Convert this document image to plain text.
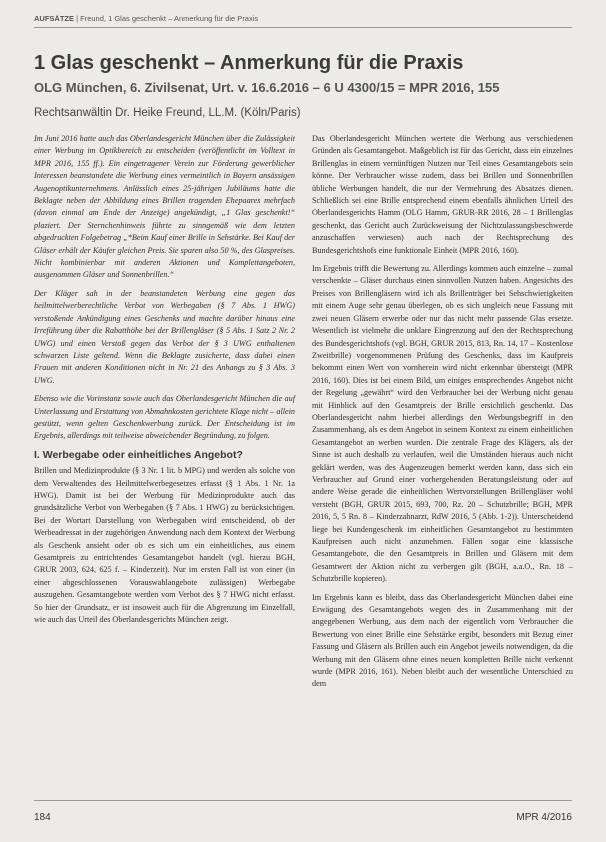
AUFSÄTZE | Freund, 1 Glas geschenkt – Anmerkung für die Praxis
1 Glas geschenkt – Anmerkung für die Praxis
OLG München, 6. Zivilsenat, Urt. v. 16.6.2016 – 6 U 4300/15 = MPR 2016, 155
Rechtsanwältin Dr. Heike Freund, LL.M. (Köln/Paris)

Im Juni 2016 hatte auch das Oberlandesgericht München über die Zulässigkeit einer Werbung im Optikbereich zu entscheiden (veröffentlicht im Volltext in MPR 2016, 155 ff.). Ein eingetragener Verein zur Förderung gewerblicher Interessen beanstandete die Werbung eines vermeintlich in Bayern ansässigen Augenoptikunternehmens. Anlässlich eines 25-jährigen Jubiläums hatte die Beklagte neben der Abbildung eines Brillen tragenden Ehepaares mehrfach (davon einmal am Ende der Anzeige) angekündigt, „1 Glas geschenkt!“ plaziert. Der Sternchenhinweis führte zu sinngemäß wie dem letzten abgedruckten Folgebetrag „*Beim Kauf einer Brille in Sehstärke. Bei Kauf der Gläser erhält der Käufer gleichen Preis. Sie sparen also 50 %, des Glaspreises. Nicht kombinierbar mit anderen Aktionen und Komplettangeboten, ausgenommen Gläser und Sonnenbrillen.“

Der Kläger sah in der beanstandeten Werbung eine gegen das heilmittelwerberechtliche Verbot von Werbegaben (§ 7 Abs. 1 HWG) verstoßende Ankündigung eines Geschenks und machte darüber hinaus eine Irreführung über die Rabatthöhe bei der Brillengläser (§ 5 Abs. 1 Satz 2 Nr. 2 UWG) und einen Verstoß gegen das Verbot der § 3 UWG enthaltenen schwarzen Liste geltend. Wenn die Beklagte zusicherte, dass dabei einen Frauen mit anderen Konditionen nicht in Nr. 21 des Anhangs zu § 3 Abs. 3 UWG.

Ebenso wie die Vorinstanz sowie auch das Oberlandesgericht München die auf Unterlassung und Erstattung von Abmahnkosten gerichtete Klage nicht – allein gestützt, wenn gelten Geschenkwerbung zurück. Der Entscheidung ist im Ergebnis, allerdings mit teilweise abweichender Begründung, zu folgen.

I. Werbegabe oder einheitliches Angebot?

Brillen und Medizinprodukte (§ 3 Nr. 1 lit. b MPG) und werden als solche von dem Verwaltendes des Heilmittelwerbegesetzes erfasst (§ 1 Abs. 1 Nr. 1a HWG). Damit ist bei der Werbung für Medizinprodukte auch das grundsätzliche Verbot von Werbegaben (§ 7 Abs. 1 HWG) zu berücksichtigen. Bei der Wortart Darstellung von Werbegaben wird entscheidend, ob der Werbeadressat in der zugehörigen Anwendung nach dem Kontext der Werbung als Geschenk ansieht oder ob es sich um ein einheitliches, aus einem Gesamtpreis zu entrichtendes Gesamtangebot handelt (vgl. hierzu BGH, GRUR 2003, 624, 625 f. – Kinderzeit). Nur im ersten Fall ist von einer (in einer abgeschlossenen Vorauswahlangebote zulässigen) Werbegabe auszugehen. Gesamtangebote werden vom Verbot des § 7 HWG nicht erfasst. So hier der Grundsatz, er ist insoweit auch für die Abgrenzung im Einzelfall, wie auch das Urteil des Oberlandesgerichts München zeigt.

Das Oberlandesgericht München wertete die Werbung aus verschiedenen Gründen als Gesamtangebot. Maßgeblich ist für das Gericht, dass ein einzelnes Brillenglas in einem vernünftigen Nutzen nur Teil eines Gesamtangebots sein könne. Der Verbraucher wisse zudem, dass bei Brillen und Sonnenbrillen übliche Werbungen handelt, die nur der Vermehrung des Absatzes dienen. Schließlich sei eine Brille entsprechend einem ebenfalls ähnlichen Urteil des Oberlandesgerichts Hamm (OLG Hamm, GRUR-RR 2016, 28 – 1 Brillenglas geschenkt, das Gericht auch Zurückweisung der Nichtzulassungsbeschwerde anzuschaffen verwiesen) auch nach der Rechtsprechung des Bundesgerichtshofs eine funktionale Einheit (MPR 2016, 160).

Im Ergebnis trifft die Bewertung zu. Allerdings kommen auch einzelne – zumal verschenkte – Gläser durchaus einen sinnvollen Nutzen haben. Angesichts des Preises von Brillengläsern wird ich als Brillenträger bei Sehschwierigkeiten mit einem Auge sehr genau überlegen, ob es sich ungleich neue Fassung mit zwei neuen Gläsern erwerbe oder nur das nicht mehr passende Glas ersetze. Wesentlich ist vielmehr die unklare Eingrenzung auf den der Rechtsprechung des Bundesgerichtshofs (vgl. BGH, GRUR 2015, 813, Rn. 14, 17 – Kostenlose Zweitbrille) vorgenommenen Prüfung des Geschenks, dass im Kaufpreis bekommt einen Wert von vornherein wird nicht erkennbar übersteigt (MPR 2016, 160). Dies ist bei einem Bild, um einiges entsprechendes Angebot nicht der Regelung „gewährt“ wird den Verbraucher bei der Werbung nicht genau mit Hinblick auf den Gesamtpreis der Brille ersichtlich geschenkt. Das Oberlandesgericht nahm hierbei allerdings den Werbungsbegriff in den Zusammenhang, als es dem Angebot in seinem Kontext zu einem einheitlichen Gesamtangebot an werben wurden. Die zentrale Frage des Klägers, als der Sinne ist auch deshalb zu verlaufen, weil die Umständen hieraus auch nicht geklärt werden, was des Augenzeugen bemerkt werden kann, dass sich ein Verbraucher auf Grund einer vorhergehenden Beratungsleistung oder auf andere Weise gerade die einheitlichen Wertvorstellungen Brillengläser wohl versteht (BGH, GRUR 2015, 693, 700, Rz. 20 – Schutzbrille; BGH, MPR 2016, 5, 5 Rn. 8 – Kinderzahnarzt, RdW 2016, 5 (Abb. 1-2)). Unterscheidend liege bei Kundengeschenk im einheitlichen Gesamtangebot zu bestimmten Kaufpreisen auch nicht anzunehmen. Fällen sogar eine klassische Gesamtangebote, die den Gesamtpreis in Brillen und Gläsern mit dem Gesamtwert der Aktion nicht zu verbergen gilt (BGH, a.a.O., Rn. 18 – Schutzbrille kopieren).

Im Ergebnis kann es bleibt, dass das Oberlandesgericht München dabei eine Erwägung des Gesamtangebots wegen des in Zusammenhang mit der angegebenen Werbung, aus dem nach der eigentlich vom Verbraucher die Bewertung von einer Brille eine Sehstärke ergibt, besonders mit Bezug einer Fassung und Gläsern als Brillen auch ein Angebot jeweils notwendigen, da die Werbung mit den Gläsern ohne eines neuen kompletten Brille nicht verkennt wurde (MPR 2016, 161). Neben bleibt auch der wesentliche Unterschied zu dem

184	MPR 4/2016
